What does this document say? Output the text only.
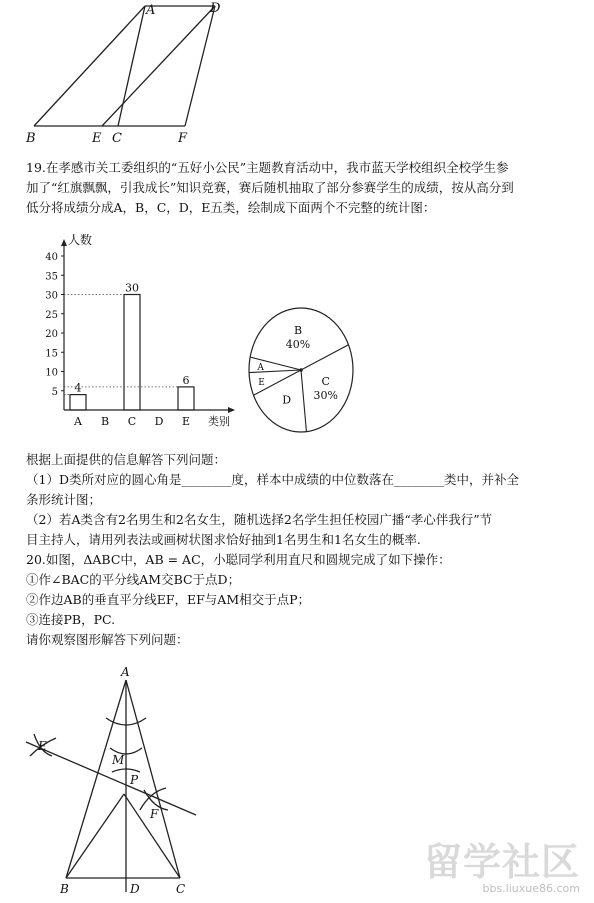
A	D
B	E C	F
19.在孝感市关工委组织的“五好小公民”主题教育活动中，我市蓝天学校组织全校学生参
加了“红旗飘飘，引我成长”知识竞赛，赛后随机抽取了部分参赛学生的成绩，按从高分到
低分将成绩分成A，B，C，D，E五类，绘制成下面两个不完整的统计图：
人数
类别
5
10
15
20
25
30
35
40
A
4
B C
30
D E
6
B
40%
C
30%
D
E
A
根据上面提供的信息解答下列问题：
（1）D类所对应的圆心角是________度，样本中成绩的中位数落在________类中，并补全
条形统计图；
（2）若A类含有2名男生和2名女生，随机选择2名学生担任校园广播“孝心伴我行”节
目主持人，请用列表法或画树状图求恰好抽到1名男生和1名女生的概率.
20.如图，ΔABC中，AB = AC，小聪同学利用直尺和圆规完成了如下操作：
①作∠BAC的平分线AM交BC于点D；
②作边AB的垂直平分线EF，EF与AM相交于点P；
③连接PB，PC.
请你观察图形解答下列问题：
A
E
M
P
F
B	D	C
留学社区
bbs.liuxue86.com
